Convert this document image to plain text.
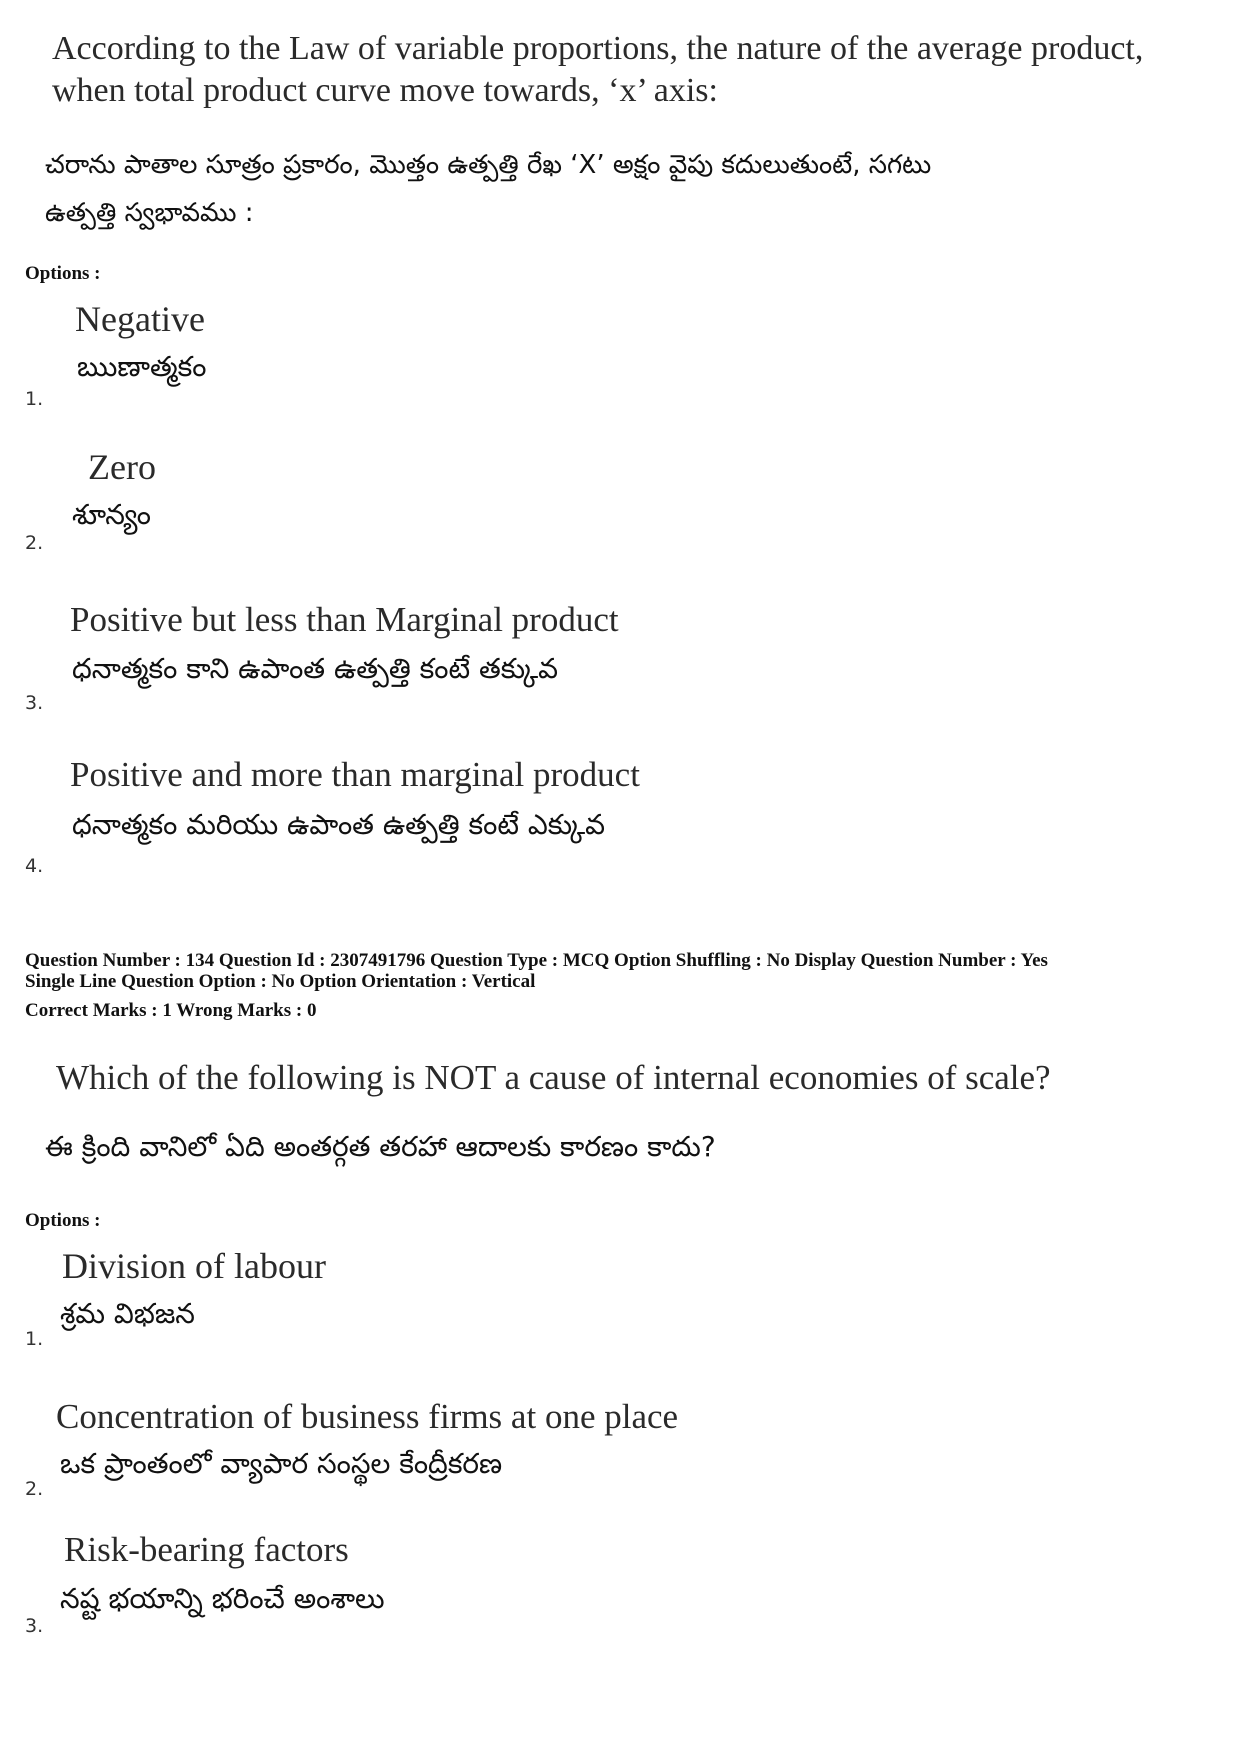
According to the Law of variable proportions, the nature of the average product,
when total product curve move towards, ‘x’ axis:
చరాను పాతాల సూత్రం ప్రకారం, మొత్తం ఉత్పత్తి రేఖ ‘X’ అక్షం వైపు కదులుతుంటే, సగటు
ఉత్పత్తి స్వభావము :
Options :
Negative
ఋణాత్మకం
1.
Zero
శూన్యం
2.
Positive but less than Marginal product
ధనాత్మకం కాని ఉపాంత ఉత్పత్తి కంటే తక్కువ
3.
Positive and more than marginal product
ధనాత్మకం మరియు ఉపాంత ఉత్పత్తి కంటే ఎక్కువ
4.
Question Number : 134 Question Id : 2307491796 Question Type : MCQ Option Shuffling : No Display Question Number : Yes
Single Line Question Option : No Option Orientation : Vertical
Correct Marks : 1 Wrong Marks : 0
Which of the following is NOT a cause of internal economies of scale?
ఈ క్రింది వానిలో ఏది అంతర్గత తరహా ఆదాలకు కారణం కాదు?
Options :
Division of labour
శ్రమ విభజన
1.
Concentration of business firms at one place
ఒక ప్రాంతంలో వ్యాపార సంస్థల కేంద్రీకరణ
2.
Risk-bearing factors
నష్ట భయాన్ని భరించే అంశాలు
3.
